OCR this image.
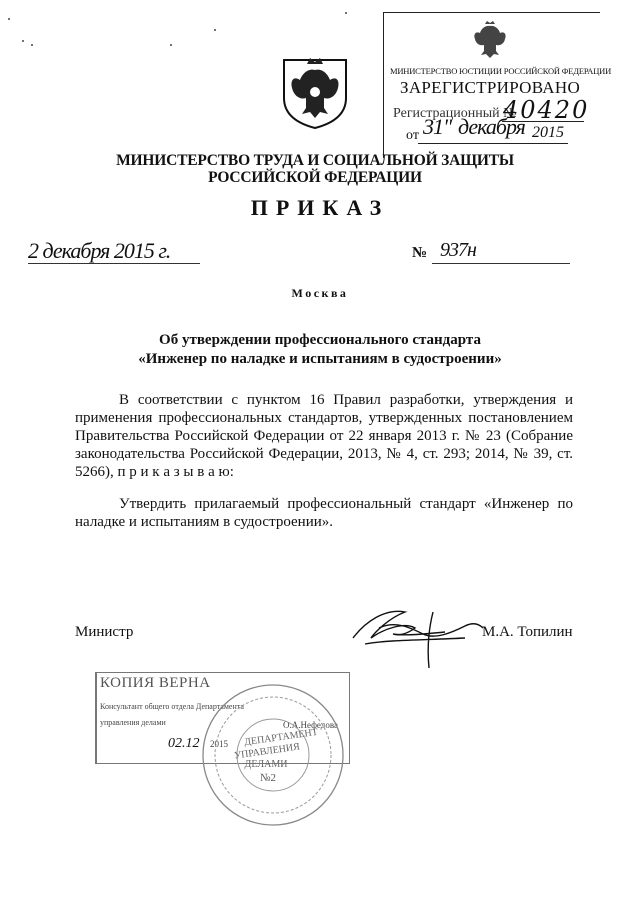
МИНИСТЕРСТВО ЮСТИЦИИ РОССИЙСКОЙ ФЕДЕРАЦИИ
ЗАРЕГИСТРИРОВАНО
Регистрационный №
40420
от 31" декабря 2015
МИНИСТЕРСТВО ТРУДА И СОЦИАЛЬНОЙ ЗАЩИТЫ
РОССИЙСКОЙ ФЕДЕРАЦИИ
ПРИКАЗ
2 декабря 2015 г.	№ 937н
Москва
Об утверждении профессионального стандарта
«Инженер по наладке и испытаниям в судостроении»
В соответствии с пунктом 16 Правил разработки, утверждения и применения профессиональных стандартов, утвержденных постановлением Правительства Российской Федерации от 22 января 2013 г. № 23 (Собрание законодательства Российской Федерации, 2013, № 4, ст. 293; 2014, № 39, ст. 5266), п р и к а з ы в а ю:
Утвердить прилагаемый профессиональный стандарт «Инженер по наладке и испытаниям в судостроении».
Министр	М.А. Топилин
КОПИЯ ВЕРНА
Консультант общего отдела Департамента
управления делами	О.А.Нефедова
02.12 2015 ДЕПАРТАМЕНТ
УПРАВЛЕНИЯ
ДЕЛАМИ
№2
